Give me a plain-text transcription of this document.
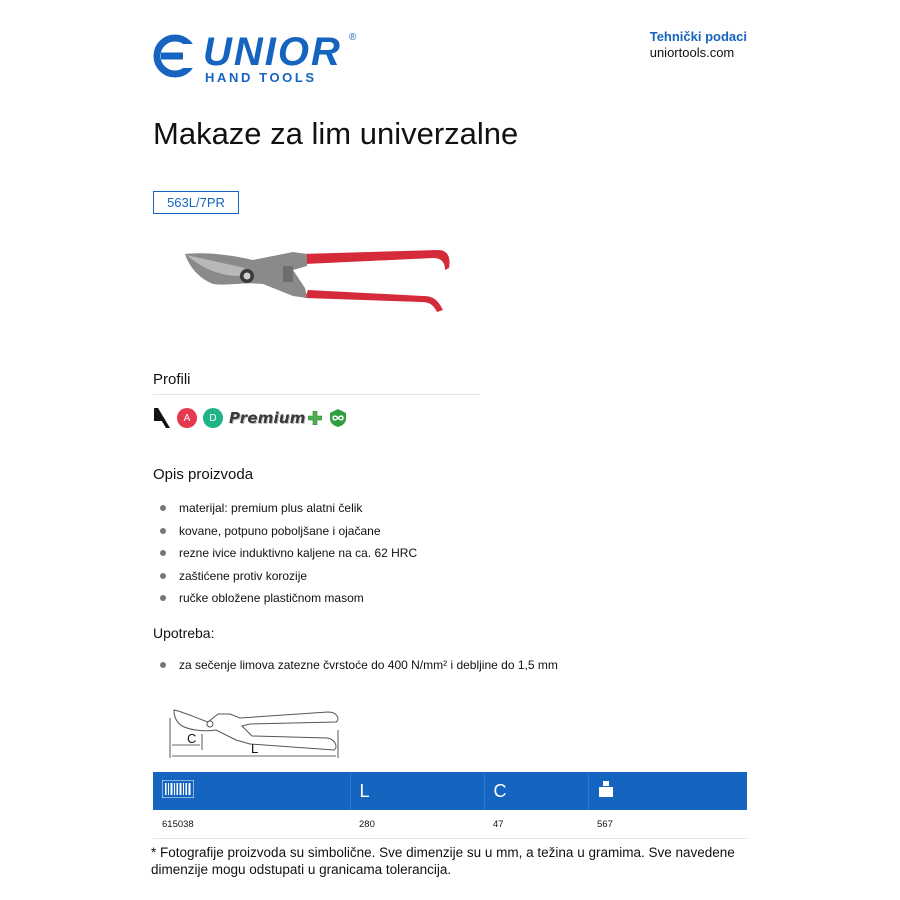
UNIOR ®
HAND TOOLS
Tehnički podaci
uniortools.com
Makaze za lim univerzalne
563L/7PR
Profili
A	D Premium
Opis proizvoda
materijal: premium plus alatni čelik
kovane, potpuno poboljšane i ojačane
rezne ivice induktivno kaljene na ca. 62 HRC
zaštićene protiv korozije
ručke obložene plastičnom masom
Upotreba:
za sečenje limova zatezne čvrstoće do 400 N/mm² i debljine do 1,5 mm
C
L
	L	C	
615038	280	47	567
* Fotografije proizvoda su simbolične. Sve dimenzije su u mm, a težina u gramima. Sve navedene dimenzije mogu odstupati u granicama tolerancija.
